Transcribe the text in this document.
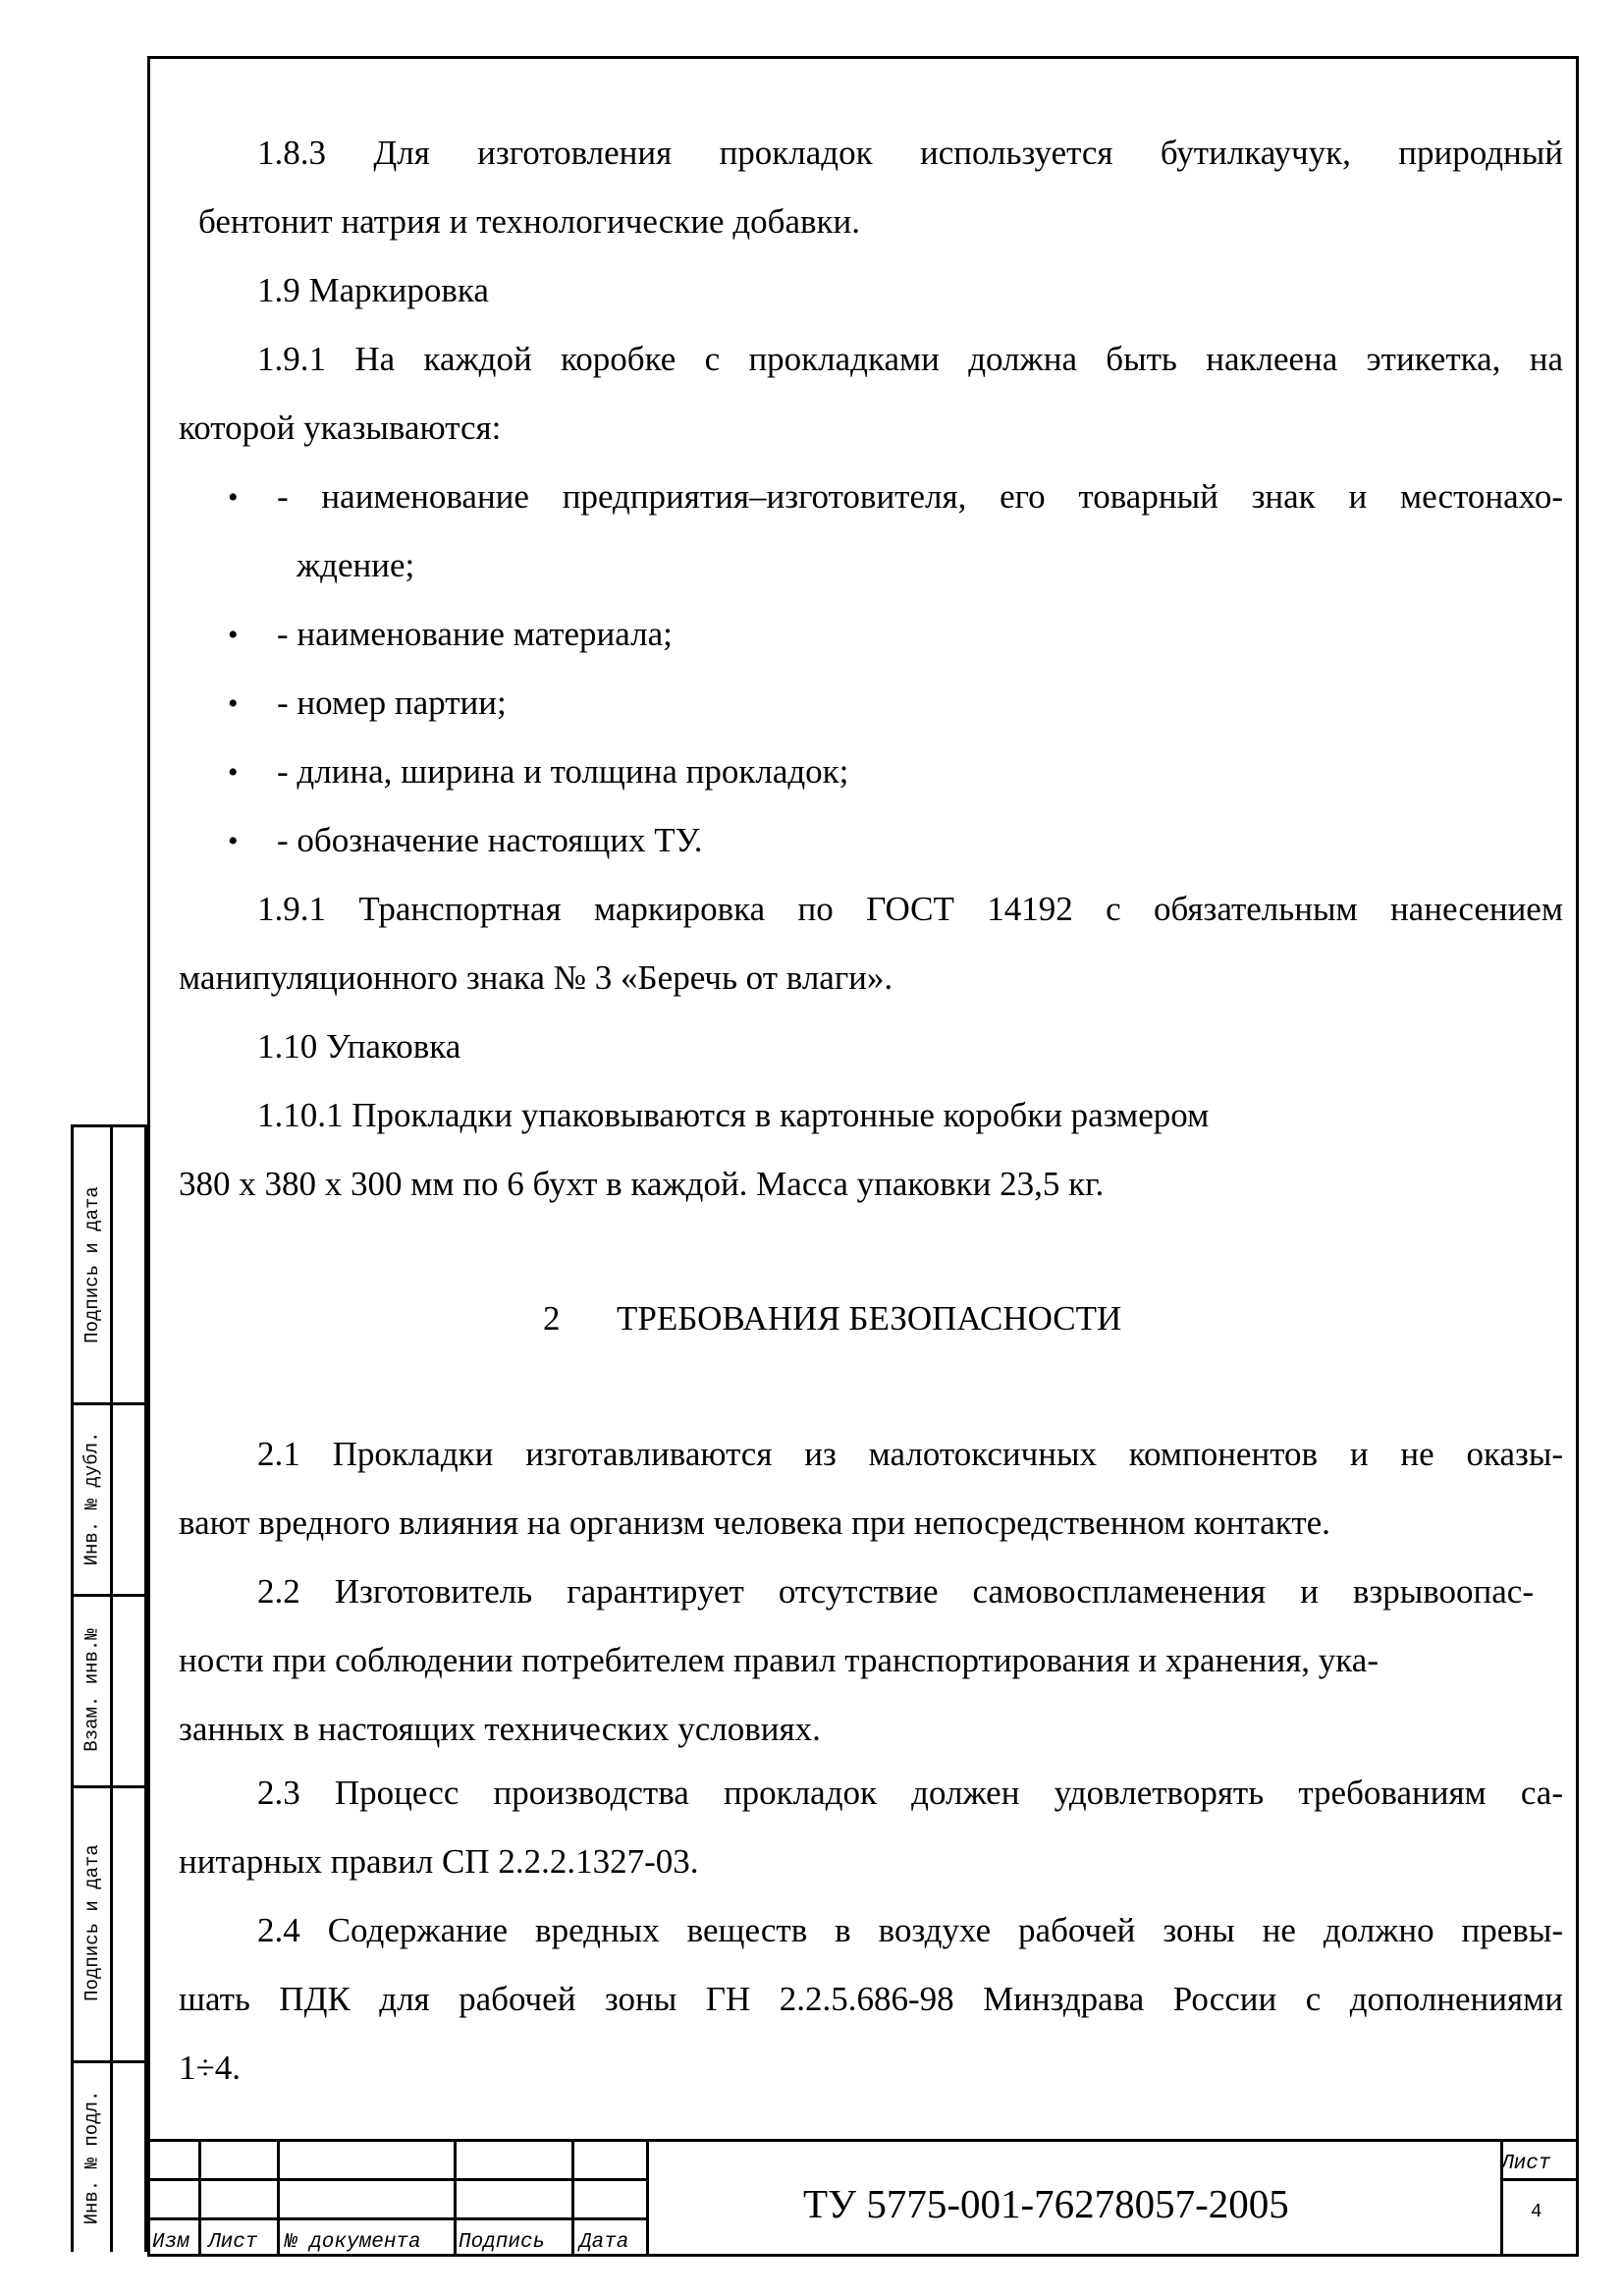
1.8.3 Для изготовления прокладок используется бутилкаучук, природный
бентонит натрия и технологические добавки.
1.9 Маркировка
1.9.1 На каждой коробке с прокладками должна быть наклеена этикетка, на
которой указываются:
• - наименование предприятия–изготовителя, его товарный знак и местонахо-
ждение;
• - наименование материала;
• - номер партии;
• - длина, ширина и толщина прокладок;
• - обозначение настоящих ТУ.
1.9.1 Транспортная маркировка по ГОСТ 14192 с обязательным нанесением
манипуляционного знака № 3 «Беречь от влаги».
1.10 Упаковка
1.10.1 Прокладки упаковываются в картонные коробки размером
380 х 380 х 300 мм по 6 бухт в каждой. Масса упаковки 23,5 кг.
2 ТРЕБОВАНИЯ БЕЗОПАСНОСТИ
2.1 Прокладки изготавливаются из малотоксичных компонентов и не оказы-
вают вредного влияния на организм человека при непосредственном контакте.
2.2 Изготовитель гарантирует отсутствие самовоспламенения и взрывоопас-
ности при соблюдении потребителем правил транспортирования и хранения, ука-
занных в настоящих технических условиях.
2.3 Процесс производства прокладок должен удовлетворять требованиям са-
нитарных правил СП 2.2.2.1327-03.
2.4 Содержание вредных веществ в воздухе рабочей зоны не должно превы-
шать ПДК для рабочей зоны ГН 2.2.5.686-98 Минздрава России с дополнениями
1÷4.
Подпись и дата
Инв. № дубл.
Взам. инв.№
Подпись и дата
Инв. № подл.
Изм Лист № документа Подпись Дата
ТУ 5775-001-76278057-2005
Лист
4
